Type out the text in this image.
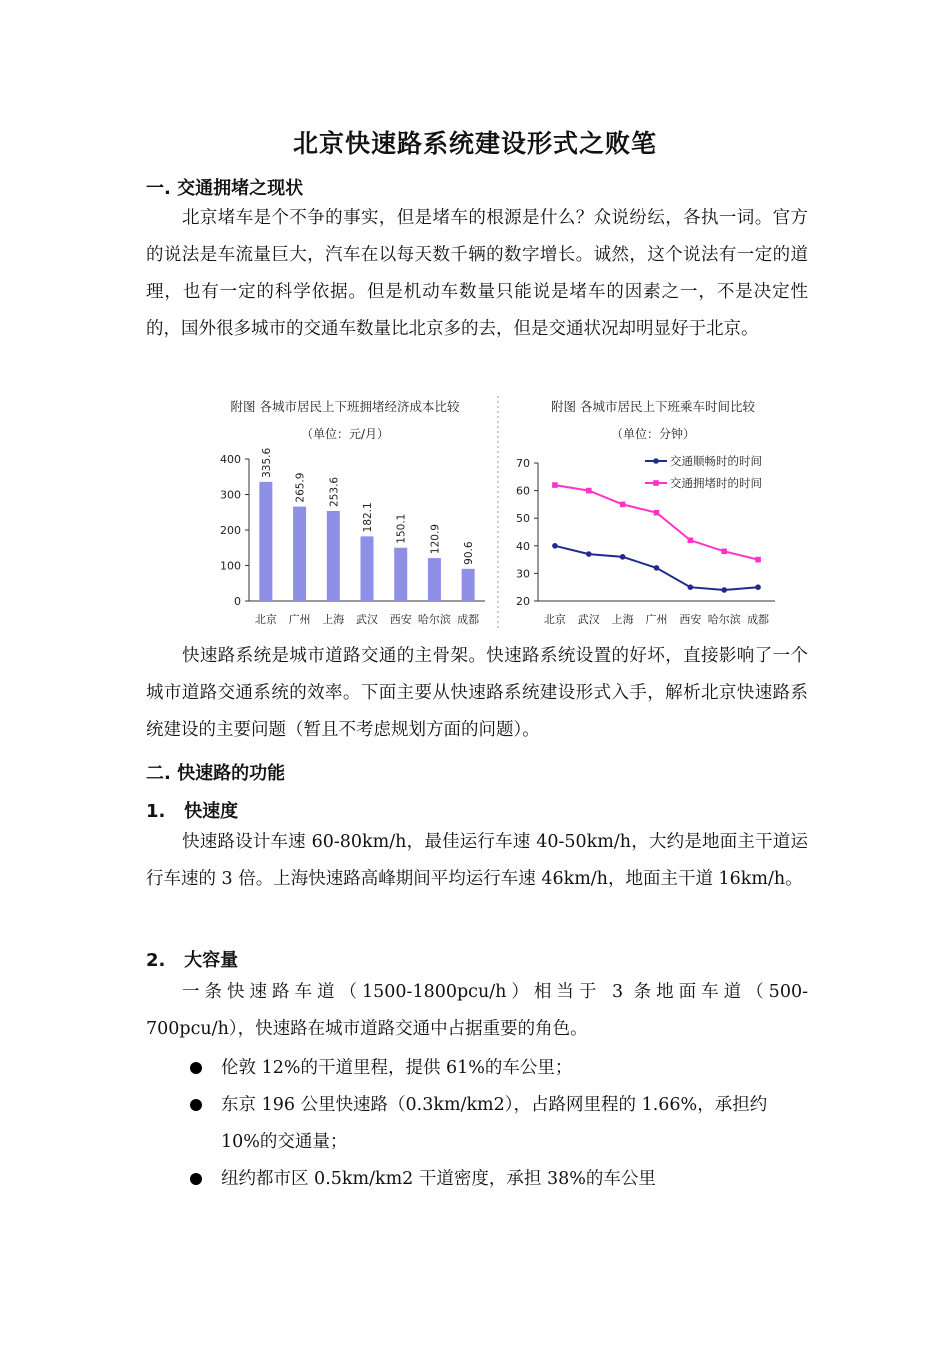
北京快速路系统建设形式之败笔
一. 交通拥堵之现状
北京堵车是个不争的事实，但是堵车的根源是什么？众说纷纭，各执一词。官方的说法是车流量巨大，汽车在以每天数千辆的数字增长。诚然，这个说法有一定的道理，也有一定的科学依据。但是机动车数量只能说是堵车的因素之一，不是决定性的，国外很多城市的交通车数量比北京多的去，但是交通状况却明显好于北京。
附图 各城市居民上下班拥堵经济成本比较
（单位：元/月）
0
100
200
300
400 335.6
北京
265.9
广州
253.6
上海
182.1
武汉
150.1
西安
120.9
哈尔滨
90.6
成都
附图 各城市居民上下班乘车时间比较
（单位：分钟）
20
30
40
50
60
70
北京 武汉 上海 广州 西安 哈尔滨 成都
交通顺畅时的时间
交通拥堵时的时间
快速路系统是城市道路交通的主骨架。快速路系统设置的好坏，直接影响了一个城市道路交通系统的效率。下面主要从快速路系统建设形式入手，解析北京快速路系统建设的主要问题（暂且不考虑规划方面的问题）。
二. 快速路的功能
1.   快速度
快速路设计车速 60-80km/h，最佳运行车速 40-50km/h，大约是地面主干道运行车速的 3 倍。上海快速路高峰期间平均运行车速 46km/h，地面主干道 16km/h。
2.   大容量
一条快速路车道（1500-1800pcu/h）相当于 3 条地面车道（500-700pcu/h），快速路在城市道路交通中占据重要的角色。
伦敦 12%的干道里程，提供 61%的车公里；
东京 196 公里快速路（0.3km/km2），占路网里程的 1.66%，承担约 10%的交通量；
纽约都市区 0.5km/km2 干道密度，承担 38%的车公里
